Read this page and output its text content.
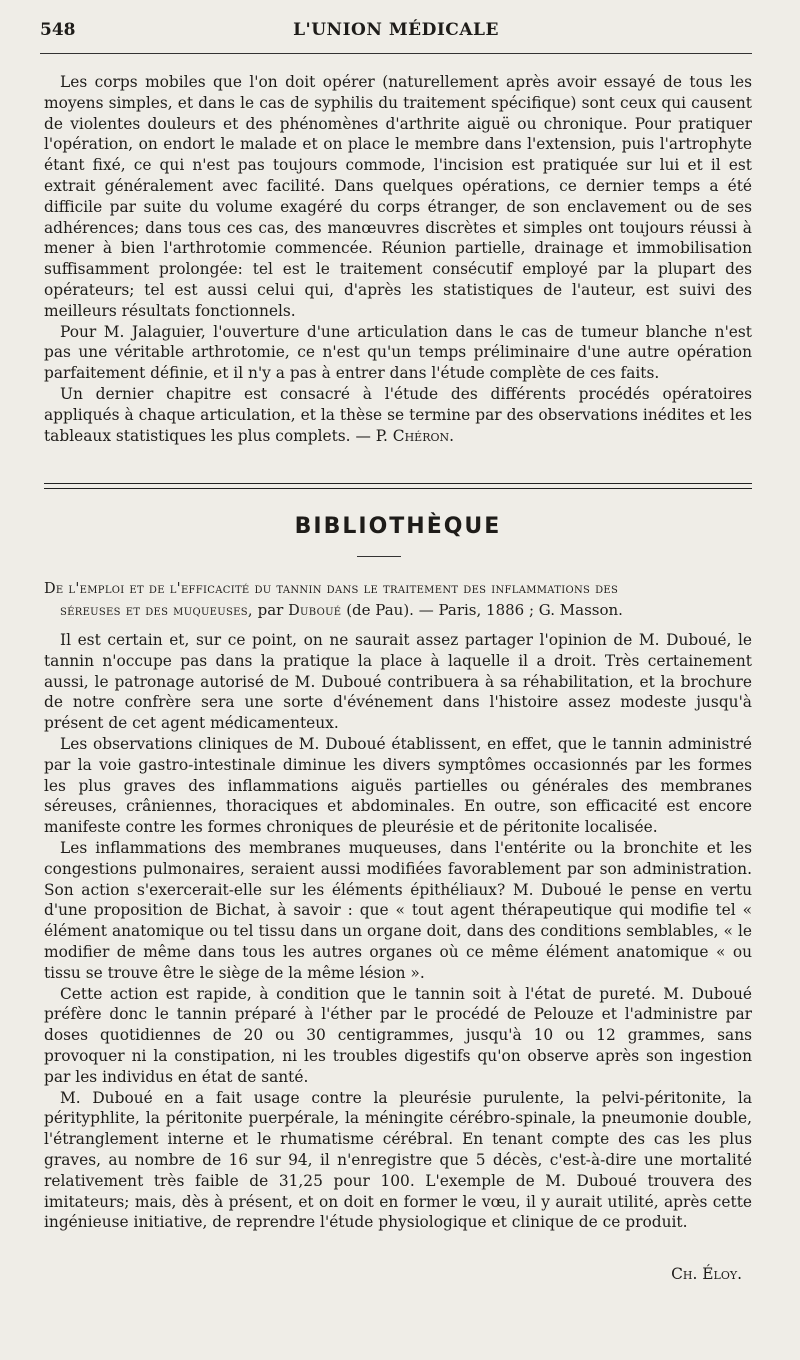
548	L'UNION MÉDICALE

Les corps mobiles que l'on doit opérer (naturellement après avoir essayé de tous les moyens simples, et dans le cas de syphilis du traitement spécifique) sont ceux qui causent de violentes douleurs et des phénomènes d'arthrite aiguë ou chronique. Pour pratiquer l'opération, on endort le malade et on place le membre dans l'extension, puis l'artrophyte étant fixé, ce qui n'est pas toujours commode, l'incision est pratiquée sur lui et il est extrait généralement avec facilité. Dans quelques opérations, ce dernier temps a été difficile par suite du volume exagéré du corps étranger, de son enclavement ou de ses adhérences; dans tous ces cas, des manœuvres discrètes et simples ont toujours réussi à mener à bien l'arthrotomie commencée. Réunion partielle, drainage et immobilisation suffisamment prolongée: tel est le traitement consécutif employé par la plupart des opérateurs; tel est aussi celui qui, d'après les statistiques de l'auteur, est suivi des meilleurs résultats fonctionnels.

Pour M. Jalaguier, l'ouverture d'une articulation dans le cas de tumeur blanche n'est pas une véritable arthrotomie, ce n'est qu'un temps préliminaire d'une autre opération parfaitement définie, et il n'y a pas à entrer dans l'étude complète de ces faits.

Un dernier chapitre est consacré à l'étude des différents procédés opératoires appliqués à chaque articulation, et la thèse se termine par des observations inédites et les tableaux statistiques les plus complets. — P. Chéron.

BIBLIOTHÈQUE
De l'emploi et de l'efficacité du tannin dans le traitement des inflammations des
séreuses et des muqueuses, par Duboué (de Pau). — Paris, 1886 ; G. Masson.

Il est certain et, sur ce point, on ne saurait assez partager l'opinion de M. Duboué, le tannin n'occupe pas dans la pratique la place à laquelle il a droit. Très certainement aussi, le patronage autorisé de M. Duboué contribuera à sa réhabilitation, et la brochure de notre confrère sera une sorte d'événement dans l'histoire assez modeste jusqu'à présent de cet agent médicamenteux.

Les observations cliniques de M. Duboué établissent, en effet, que le tannin administré par la voie gastro-intestinale diminue les divers symptômes occasionnés par les formes les plus graves des inflammations aiguës partielles ou générales des membranes séreuses, crâniennes, thoraciques et abdominales. En outre, son efficacité est encore manifeste contre les formes chroniques de pleurésie et de péritonite localisée.

Les inflammations des membranes muqueuses, dans l'entérite ou la bronchite et les congestions pulmonaires, seraient aussi modifiées favorablement par son administration. Son action s'exercerait-elle sur les éléments épithéliaux? M. Duboué le pense en vertu d'une proposition de Bichat, à savoir : que « tout agent thérapeutique qui modifie tel « élément anatomique ou tel tissu dans un organe doit, dans des conditions semblables, « le modifier de même dans tous les autres organes où ce même élément anatomique « ou tissu se trouve être le siège de la même lésion ».

Cette action est rapide, à condition que le tannin soit à l'état de pureté. M. Duboué préfère donc le tannin préparé à l'éther par le procédé de Pelouze et l'administre par doses quotidiennes de 20 ou 30 centigrammes, jusqu'à 10 ou 12 grammes, sans provoquer ni la constipation, ni les troubles digestifs qu'on observe après son ingestion par les individus en état de santé.

M. Duboué en a fait usage contre la pleurésie purulente, la pelvi-péritonite, la pérityphlite, la péritonite puerpérale, la méningite cérébro-spinale, la pneumonie double, l'étranglement interne et le rhumatisme cérébral. En tenant compte des cas les plus graves, au nombre de 16 sur 94, il n'enregistre que 5 décès, c'est-à-dire une mortalité relativement très faible de 31,25 pour 100. L'exemple de M. Duboué trouvera des imitateurs; mais, dès à présent, et on doit en former le vœu, il y aurait utilité, après cette ingénieuse initiative, de reprendre l'étude physiologique et clinique de ce produit.

Ch. Éloy.
